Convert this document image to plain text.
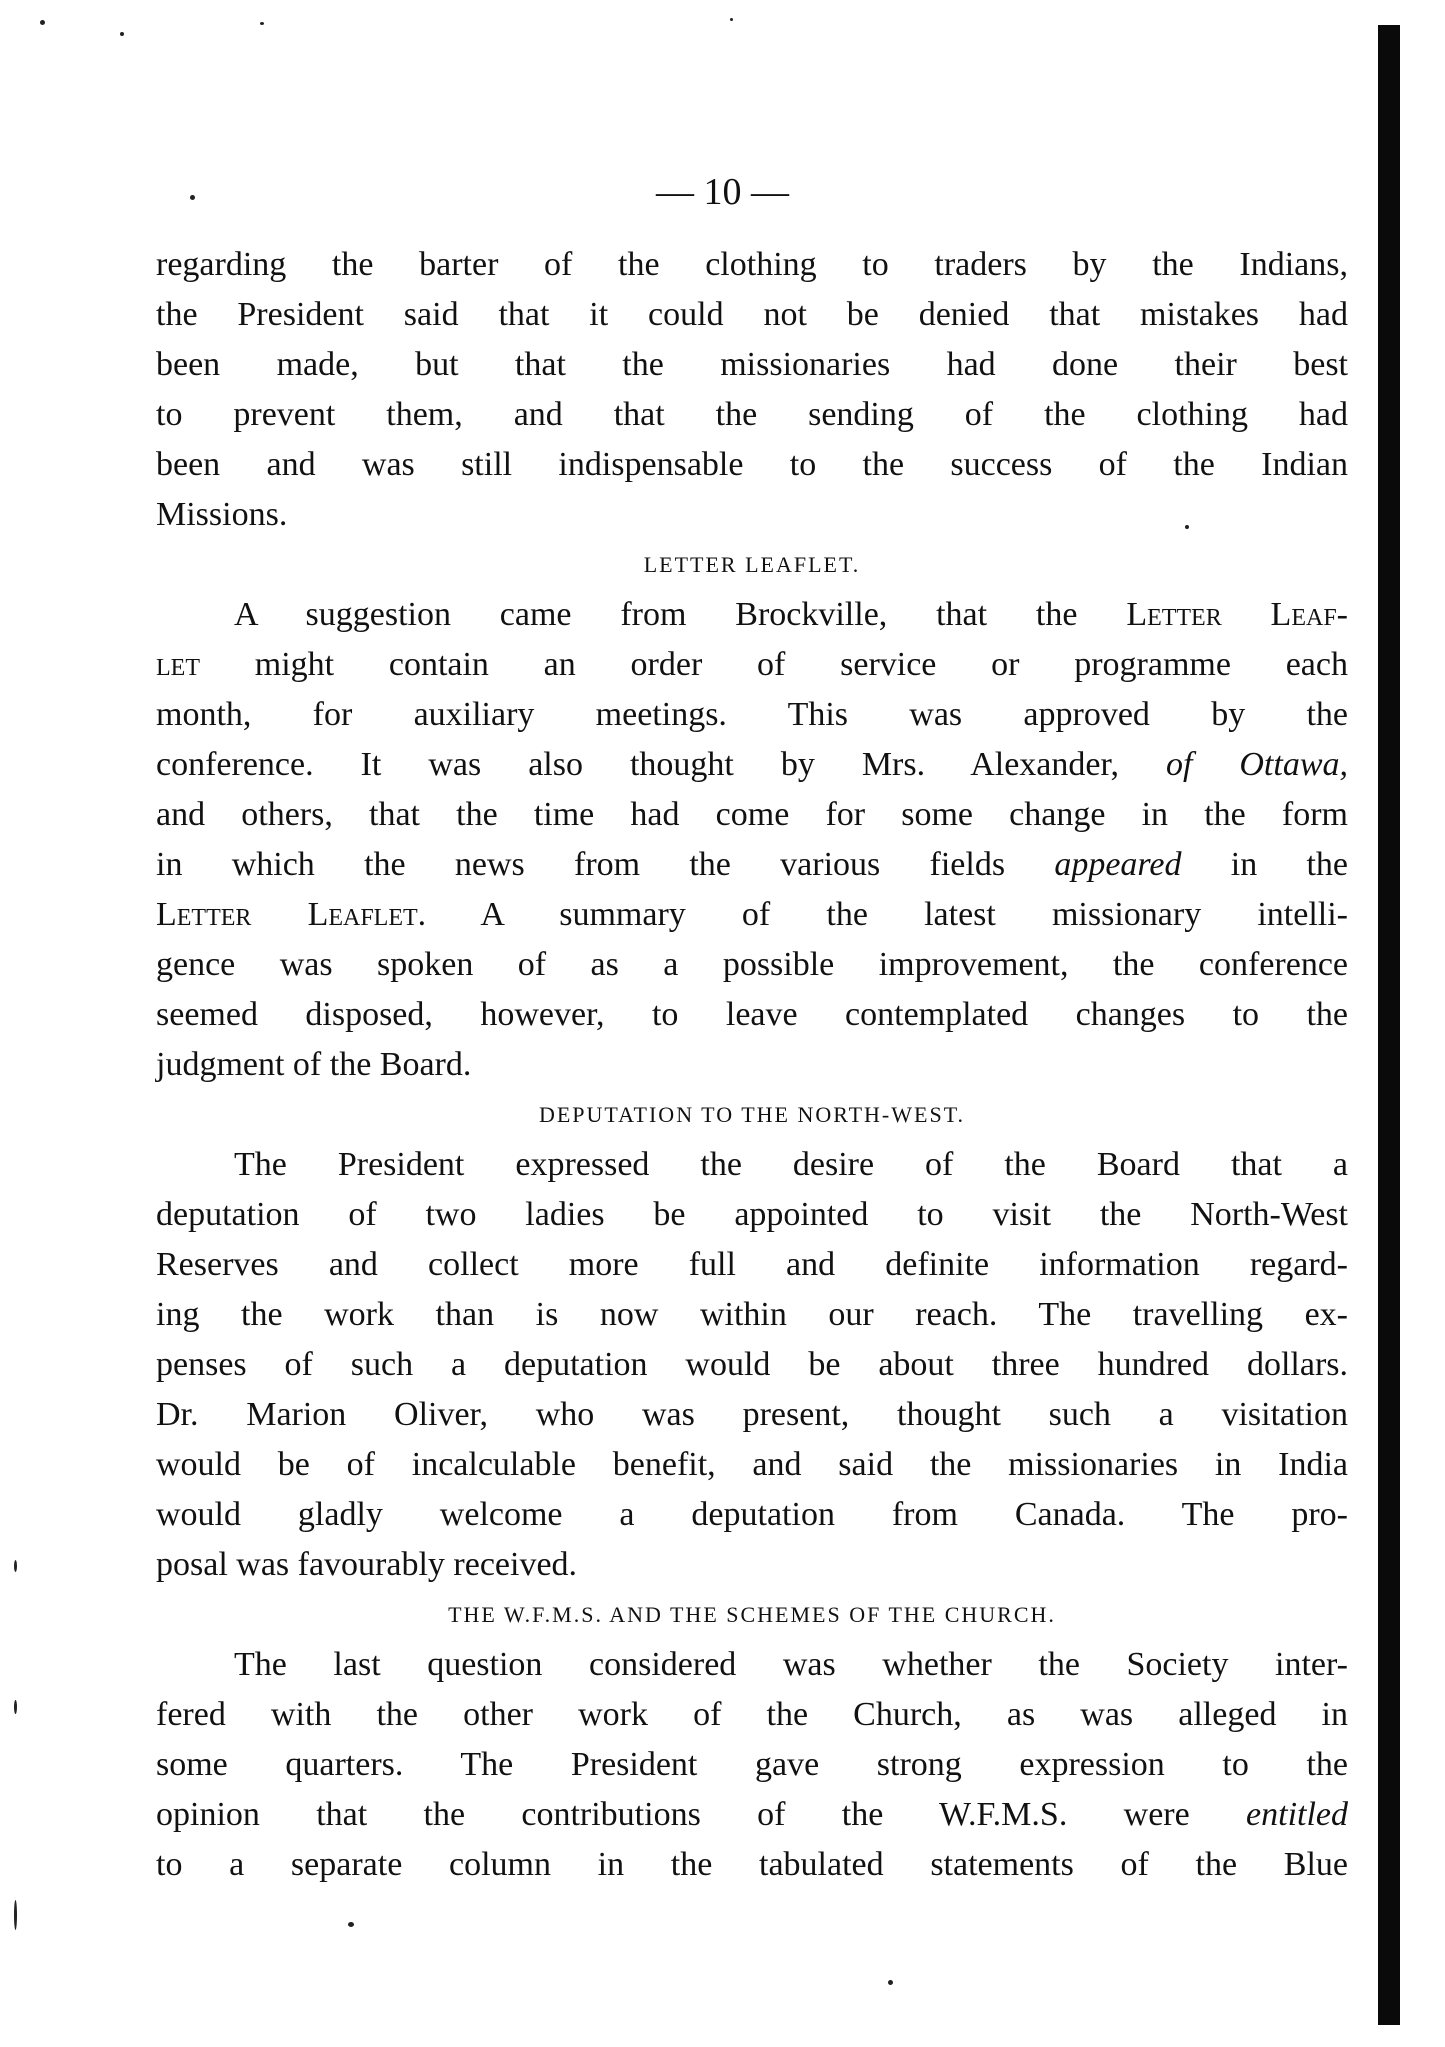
— 10 —
regarding the barter of the clothing to traders by the Indians,
the President said that it could not be denied that mistakes had
been made, but that the missionaries had done their best
to prevent them, and that the sending of the clothing had
been and was still indispensable to the success of the Indian
Missions.
LETTER LEAFLET.
A suggestion came from Brockville, that the Letter Leaf-
let might contain an order of service or programme each
month, for auxiliary meetings. This was approved by the
conference. It was also thought by Mrs. Alexander, of Ottawa,
and others, that the time had come for some change in the form
in which the news from the various fields appeared in the
Letter Leaflet. A summary of the latest missionary intelli-
gence was spoken of as a possible improvement, the conference
seemed disposed, however, to leave contemplated changes to the
judgment of the Board.
DEPUTATION TO THE NORTH-WEST.
The President expressed the desire of the Board that a
deputation of two ladies be appointed to visit the North-West
Reserves and collect more full and definite information regard-
ing the work than is now within our reach. The travelling ex-
penses of such a deputation would be about three hundred dollars.
Dr. Marion Oliver, who was present, thought such a visitation
would be of incalculable benefit, and said the missionaries in India
would gladly welcome a deputation from Canada. The pro-
posal was favourably received.
THE W.F.M.S. AND THE SCHEMES OF THE CHURCH.
The last question considered was whether the Society inter-
fered with the other work of the Church, as was alleged in
some quarters. The President gave strong expression to the
opinion that the contributions of the W.F.M.S. were entitled
to a separate column in the tabulated statements of the Blue
